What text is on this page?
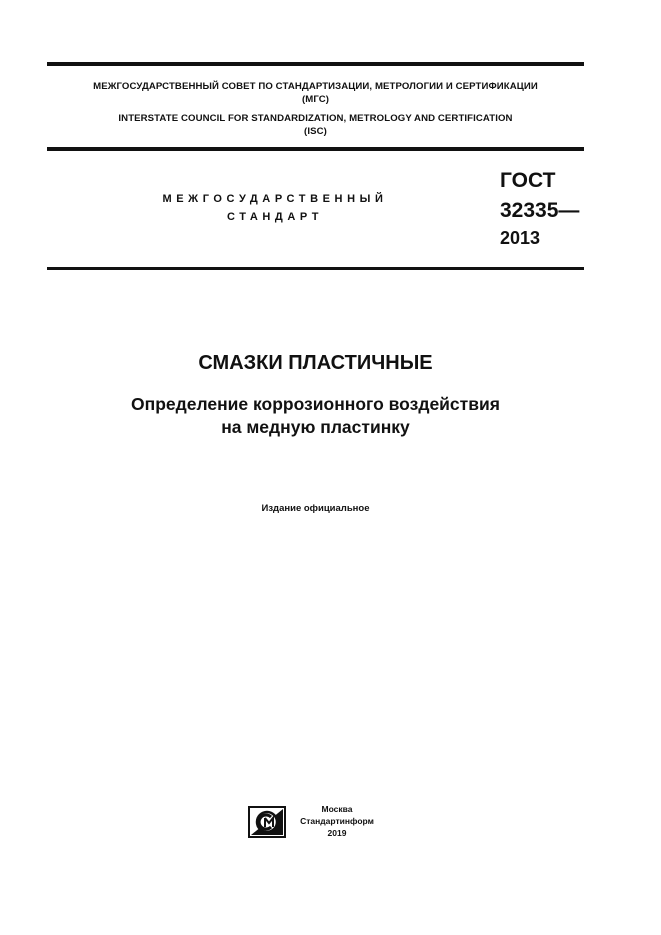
МЕЖГОСУДАРСТВЕННЫЙ СОВЕТ ПО СТАНДАРТИЗАЦИИ, МЕТРОЛОГИИ И СЕРТИФИКАЦИИ
(МГС)
INTERSTATE COUNCIL FOR STANDARDIZATION, METROLOGY AND CERTIFICATION
(ISC)
МЕЖГОСУДАРСТВЕННЫЙ
СТАНДАРТ
ГОСТ
32335—
2013
СМАЗКИ ПЛАСТИЧНЫЕ
Определение коррозионного воздействия
на медную пластинку
Издание официальное
Москва
Стандартинформ
2019
